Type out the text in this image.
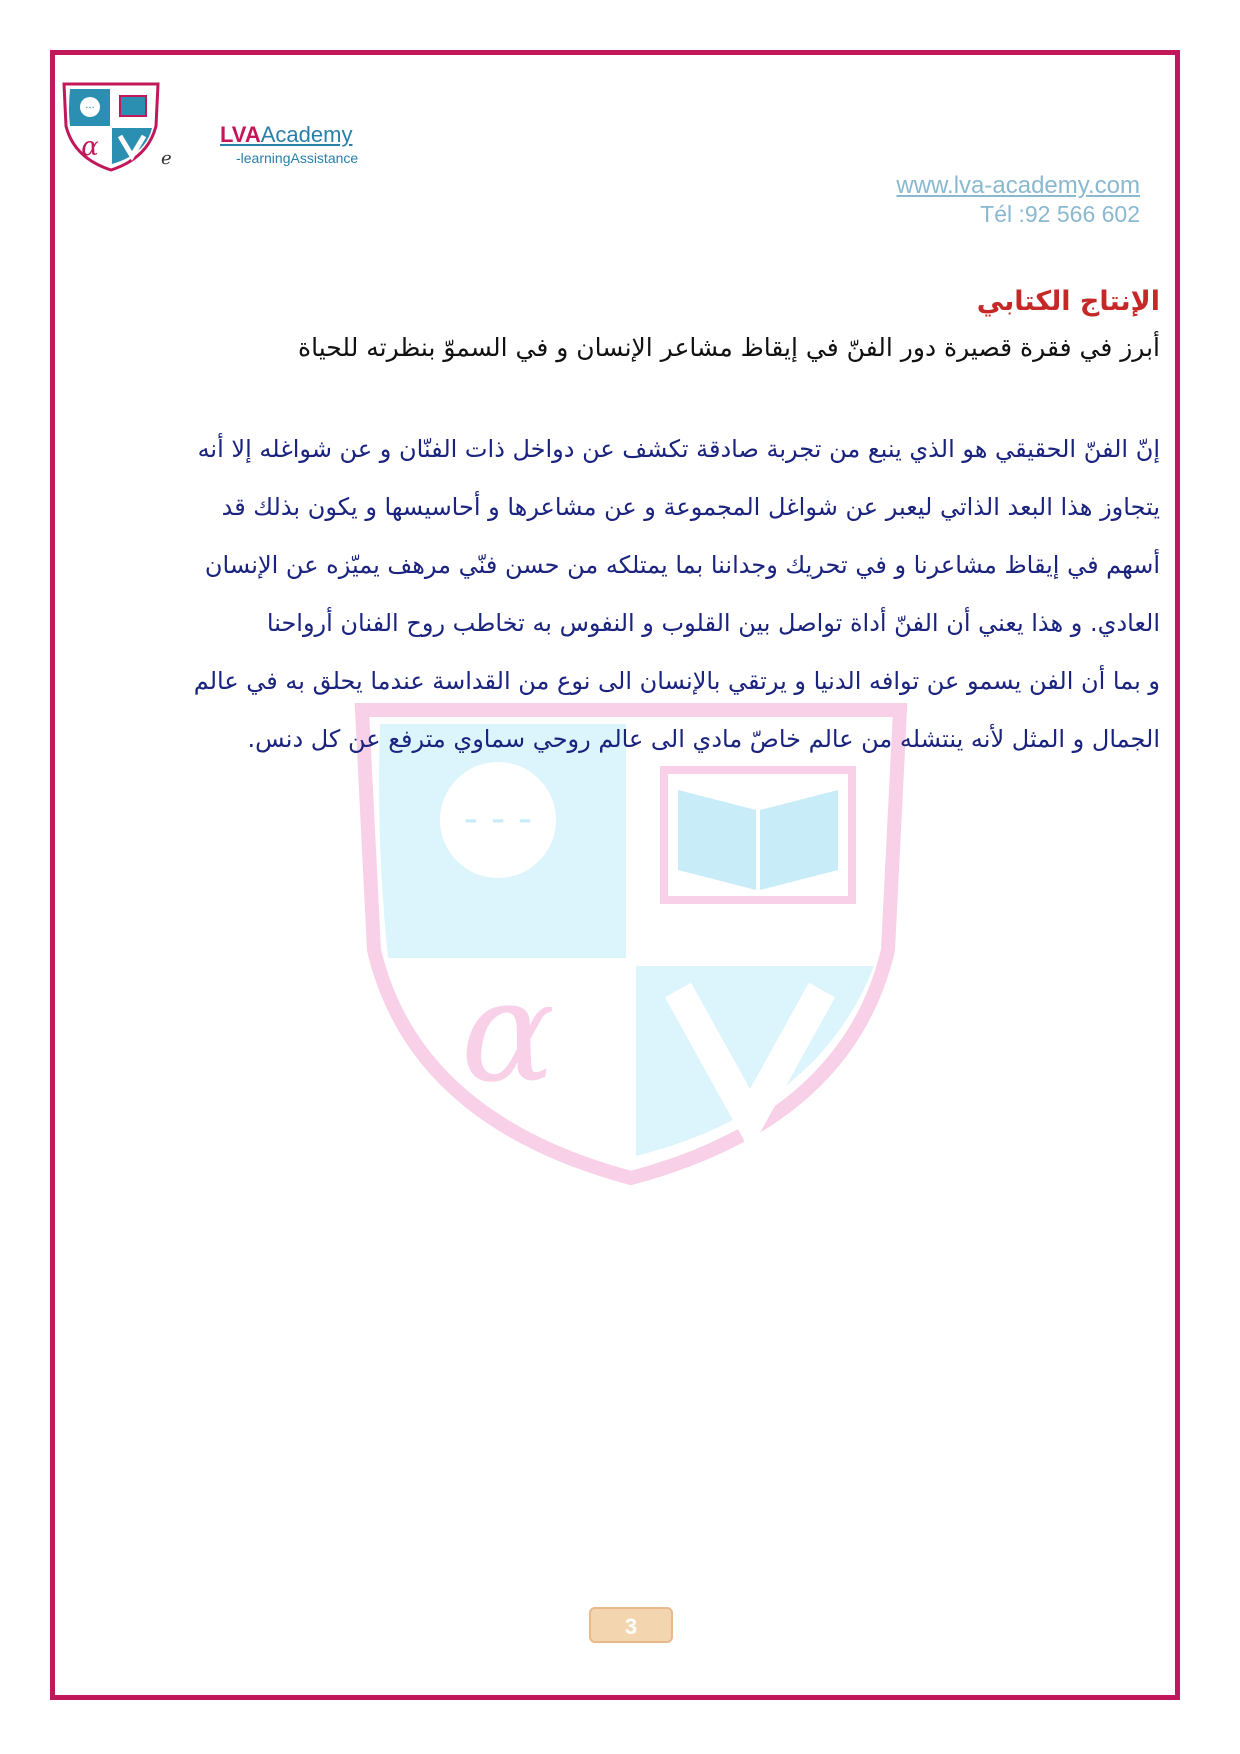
···
α	e
LVAAcademy
-learningAssistance
www.lva-academy.com
Tél :92 566 602
- - -
α
الإنتاج الكتابي

أبرز في فقرة قصيرة دور الفنّ في إيقاظ مشاعر الإنسان و في السموّ بنظرته للحياة

إنّ الفنّ الحقيقي هو الذي ينبع من تجربة صادقة تكشف عن دواخل ذات الفنّان و عن شواغله إلا أنه
يتجاوز هذا البعد الذاتي ليعبر عن شواغل المجموعة و عن مشاعرها و أحاسيسها و يكون بذلك قد
أسهم في إيقاظ مشاعرنا و في تحريك وجداننا بما يمتلكه من حسن فنّي مرهف يميّزه عن الإنسان
العادي. و هذا يعني أن الفنّ أداة تواصل بين القلوب و النفوس به تخاطب روح الفنان أرواحنا
و بما أن الفن يسمو عن توافه الدنيا و يرتقي بالإنسان الى نوع من القداسة عندما يحلق به في عالم
الجمال و المثل لأنه ينتشله من عالم خاصّ مادي الى عالم روحي سماوي مترفع عن كل دنس.
3
